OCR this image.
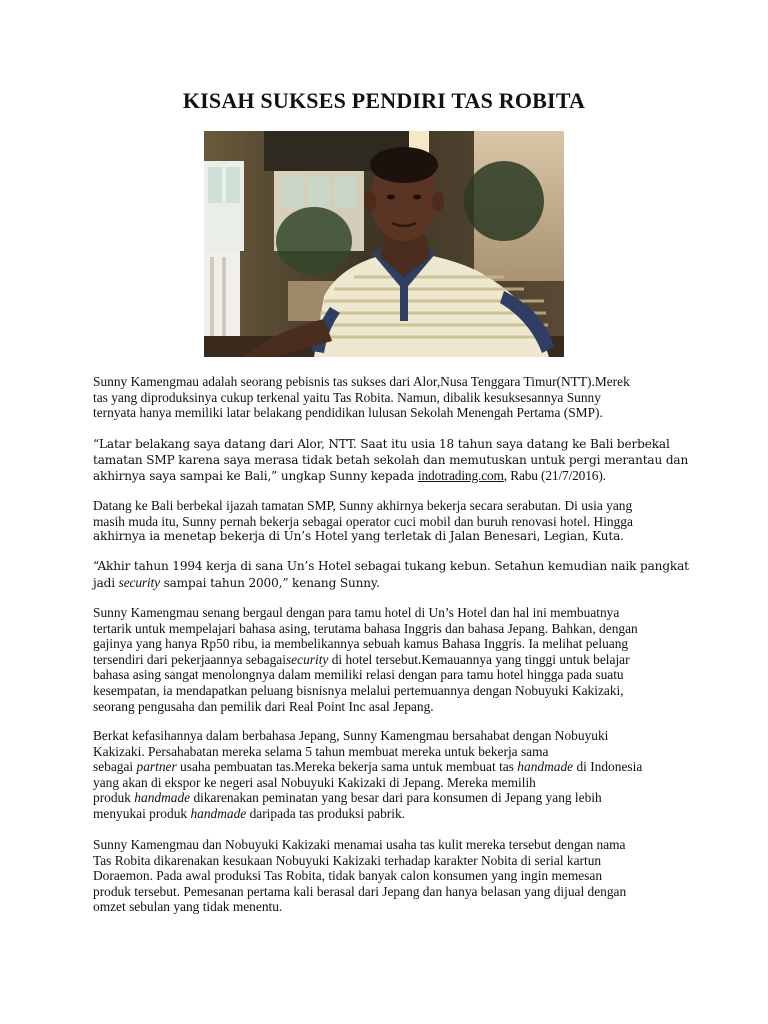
KISAH SUKSES PENDIRI TAS ROBITA

Sunny Kamengmau adalah seorang pebisnis tas sukses dari Alor,Nusa Tenggara Timur(NTT).Merek
tas yang diproduksinya cukup terkenal yaitu Tas Robita. Namun, dibalik kesuksesannya Sunny
ternyata hanya memiliki latar belakang pendidikan lulusan Sekolah Menengah Pertama (SMP).

“Latar belakang saya datang dari Alor, NTT. Saat itu usia 18 tahun saya datang ke Bali berbekal
tamatan SMP karena saya merasa tidak betah sekolah dan memutuskan untuk pergi merantau dan
akhirnya saya sampai ke Bali,” ungkap Sunny kepada indotrading.com, Rabu (21/7/2016).

Datang ke Bali berbekal ijazah tamatan SMP, Sunny akhirnya bekerja secara serabutan. Di usia yang
masih muda itu, Sunny pernah bekerja sebagai operator cuci mobil dan buruh renovasi hotel. Hingga
akhirnya ia menetap bekerja di Un’s Hotel yang terletak di Jalan Benesari, Legian, Kuta.

“Akhir tahun 1994 kerja di sana Un’s Hotel sebagai tukang kebun. Setahun kemudian naik pangkat
jadi security sampai tahun 2000,” kenang Sunny.

Sunny Kamengmau senang bergaul dengan para tamu hotel di Un’s Hotel dan hal ini membuatnya
tertarik untuk mempelajari bahasa asing, terutama bahasa Inggris dan bahasa Jepang. Bahkan, dengan
gajinya yang hanya Rp50 ribu, ia membelikannya sebuah kamus Bahasa Inggris. Ia melihat peluang
tersendiri dari pekerjaannya sebagaisecurity di hotel tersebut.Kemauannya yang tinggi untuk belajar
bahasa asing sangat menolongnya dalam memiliki relasi dengan para tamu hotel hingga pada suatu
kesempatan, ia mendapatkan peluang bisnisnya melalui pertemuannya dengan Nobuyuki Kakizaki,
seorang pengusaha dan pemilik dari Real Point Inc asal Jepang.

Berkat kefasihannya dalam berbahasa Jepang, Sunny Kamengmau bersahabat dengan Nobuyuki
Kakizaki. Persahabatan mereka selama 5 tahun membuat mereka untuk bekerja sama
sebagai partner usaha pembuatan tas.Mereka bekerja sama untuk membuat tas handmade di Indonesia
yang akan di ekspor ke negeri asal Nobuyuki Kakizaki di Jepang. Mereka memilih
produk handmade dikarenakan peminatan yang besar dari para konsumen di Jepang yang lebih
menyukai produk handmade daripada tas produksi pabrik.

Sunny Kamengmau dan Nobuyuki Kakizaki menamai usaha tas kulit mereka tersebut dengan nama
Tas Robita dikarenakan kesukaan Nobuyuki Kakizaki terhadap karakter Nobita di serial kartun
Doraemon. Pada awal produksi Tas Robita, tidak banyak calon konsumen yang ingin memesan
produk tersebut. Pemesanan pertama kali berasal dari Jepang dan hanya belasan yang dijual dengan
omzet sebulan yang tidak menentu.
